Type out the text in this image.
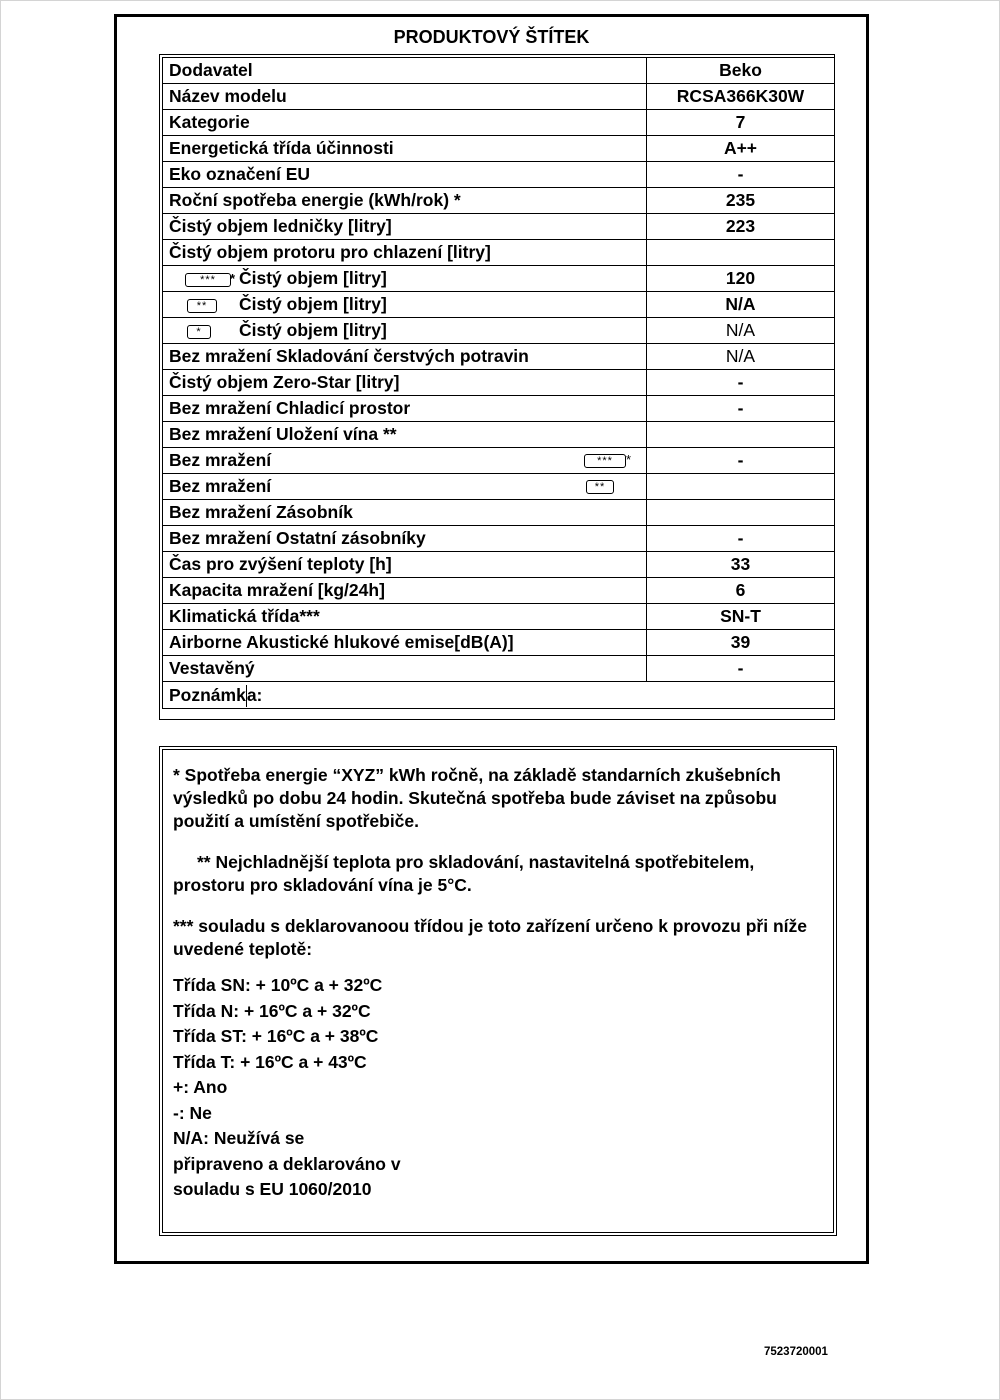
PRODUKTOVÝ ŠTÍTEK
Dodavatel	Beko
Název modelu	RCSA366K30W
Kategorie	7
Energetická třída účinnosti	A++
Eko označení EU	-
Roční spotřeba energie (kWh/rok) *	235
Čistý objem ledničky [litry]	223
Čistý objem protoru pro chlazení [litry]	

*** * Čistý objem [litry]	120

** Čistý objem [litry]	N/A

* Čistý objem [litry]	N/A
Bez mražení Skladování čerstvých potravin	N/A
Čistý objem Zero-Star [litry]	-
Bez mražení Chladicí prostor	-
Bez mražení Uložení vína **	
Bez mražení *** *	-
Bez mražení **	

Bez mražení Zásobník	
Bez mražení Ostatní zásobníky	-
Čas pro zvýšení teploty [h]	33
Kapacita mražení [kg/24h]	6
Klimatická třída***	SN-T
Airborne Akustické hlukové emise[dB(A)]	39
Vestavěný	-
Poznámka:	

* Spotřeba energie “XYZ” kWh ročně, na základě standarních zkušebních výsledků po dobu 24 hodin. Skutečná spotřeba bude záviset na způsobu použití a umístění spotřebiče.

** Nejchladnější teplota pro skladování, nastavitelná spotřebitelem, prostoru pro skladování vína je 5°C.

*** souladu s deklarovanoou třídou je toto zařízení určeno k provozu při níže uvedené teplotě:

Třída SN: + 10ºC a + 32ºC
Třída N: + 16ºC a + 32ºC
Třída ST: + 16ºC a + 38ºC
Třída T: + 16ºC a + 43ºC
+: Ano
-: Ne
N/A: Neužívá se
připraveno a deklarováno v
souladu s EU 1060/2010
7523720001
